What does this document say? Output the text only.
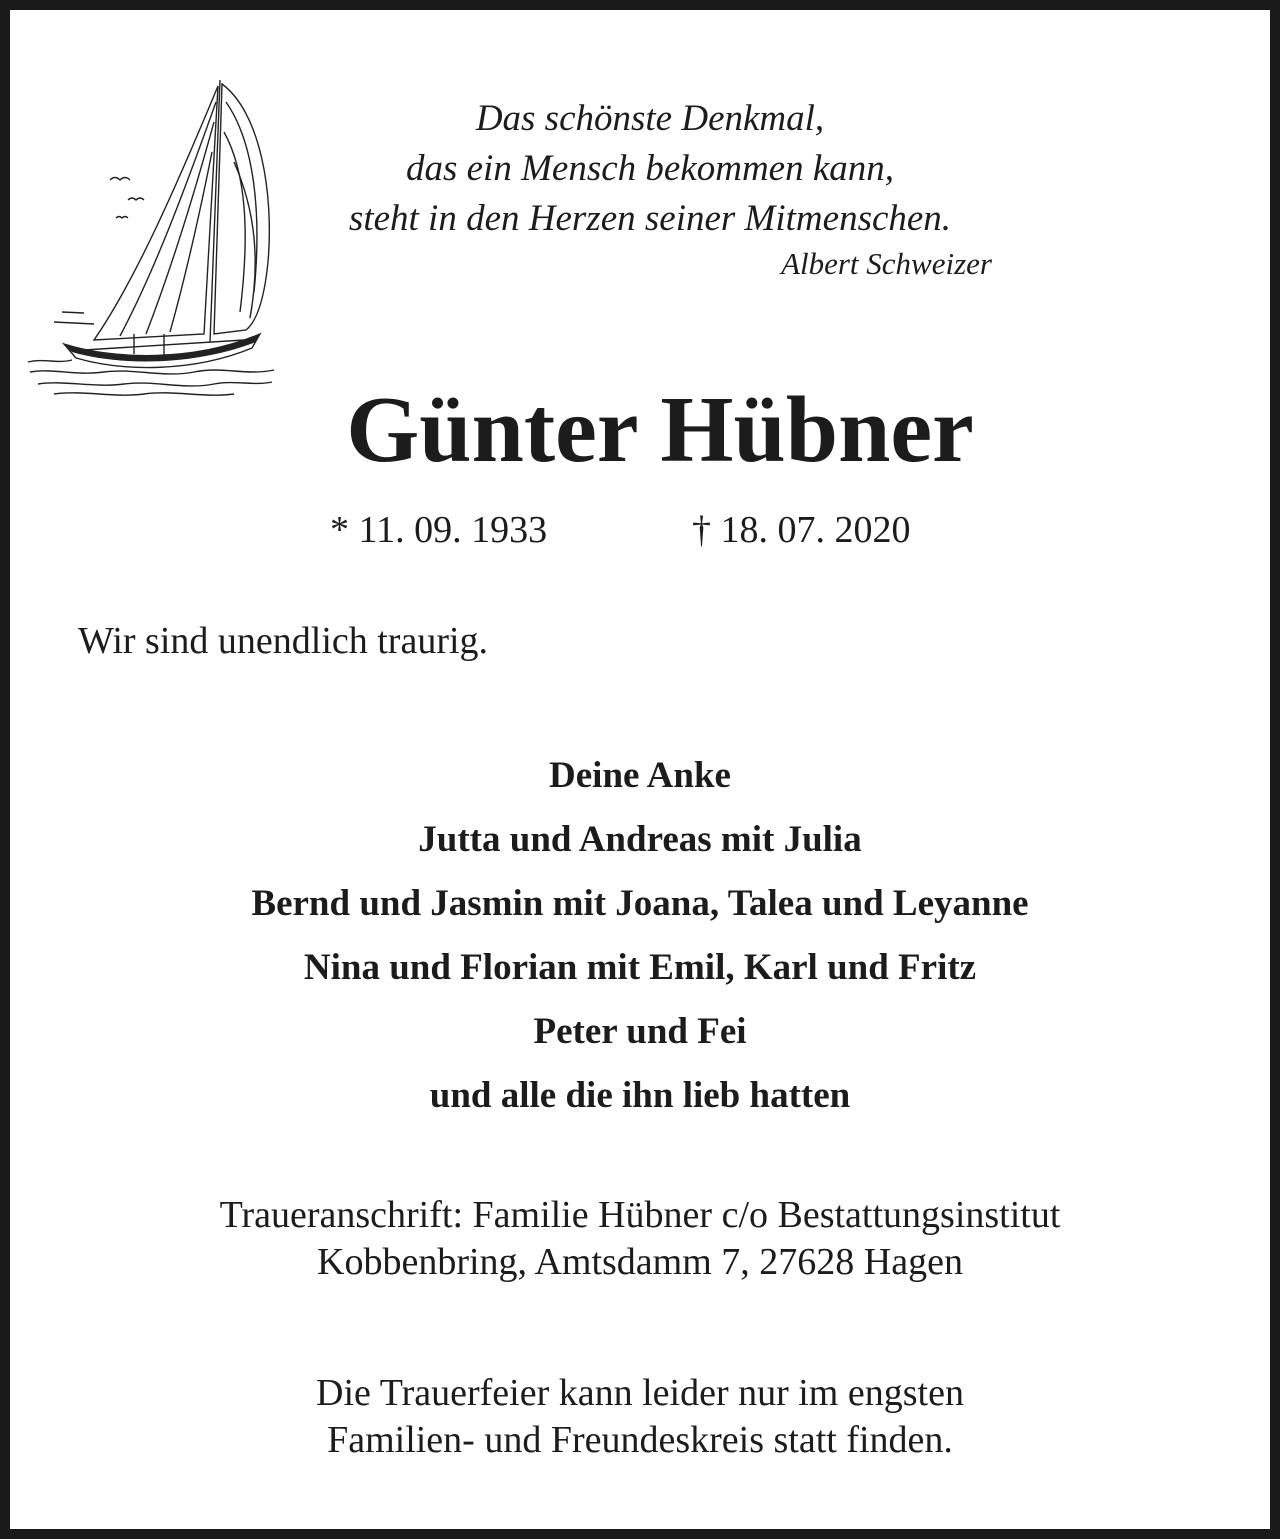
Das schönste Denkmal,
das ein Mensch bekommen kann,
steht in den Herzen seiner Mitmenschen.
Albert Schweizer
Günter Hübner
* 11. 09. 1933	† 18. 07. 2020
Wir sind unendlich traurig.
Deine Anke
Jutta und Andreas mit Julia
Bernd und Jasmin mit Joana, Talea und Leyanne
Nina und Florian mit Emil, Karl und Fritz
Peter und Fei
und alle die ihn lieb hatten
Traueranschrift: Familie Hübner c/o Bestattungsinstitut
Kobbenbring, Amtsdamm 7, 27628 Hagen
Die Trauerfeier kann leider nur im engsten
Familien- und Freundeskreis statt finden.
